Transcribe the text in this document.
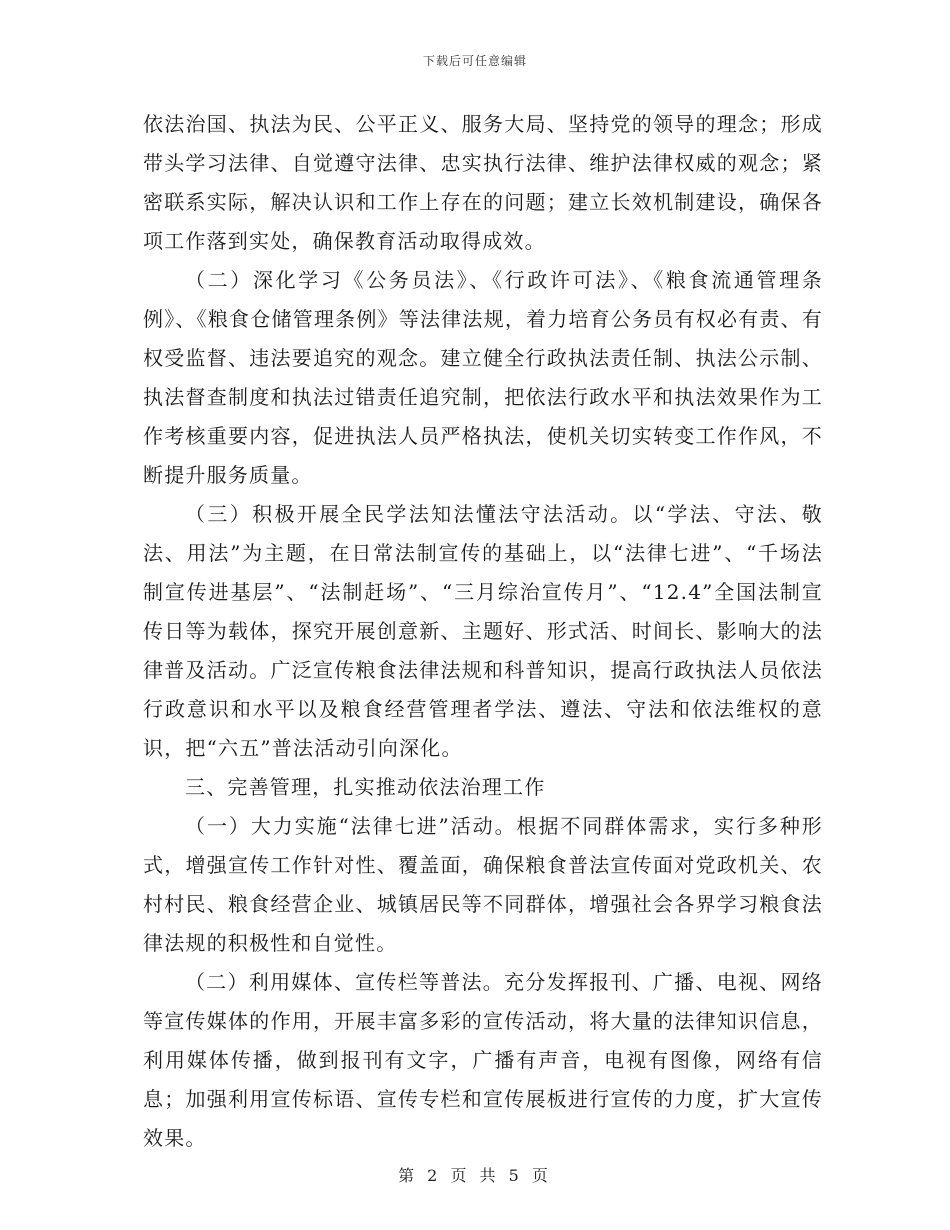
下载后可任意编辑

依法治国、执法为民、公平正义、服务大局、坚持党的领导的理念；形成带头学习法律、自觉遵守法律、忠实执行法律、维护法律权威的观念；紧密联系实际，解决认识和工作上存在的问题；建立长效机制建设，确保各项工作落到实处，确保教育活动取得成效。

（二）深化学习《公务员法》、《行政许可法》、《粮食流通管理条例》、《粮食仓储管理条例》等法律法规，着力培育公务员有权必有责、有权受监督、违法要追究的观念。建立健全行政执法责任制、执法公示制、执法督查制度和执法过错责任追究制，把依法行政水平和执法效果作为工作考核重要内容，促进执法人员严格执法，使机关切实转变工作作风，不断提升服务质量。

（三）积极开展全民学法知法懂法守法活动。以“学法、守法、敬法、用法”为主题，在日常法制宣传的基础上，以“法律七进”、“千场法制宣传进基层”、“法制赶场”、“三月综治宣传月”、“12.4”全国法制宣传日等为载体，探究开展创意新、主题好、形式活、时间长、影响大的法律普及活动。广泛宣传粮食法律法规和科普知识，提高行政执法人员依法行政意识和水平以及粮食经营管理者学法、遵法、守法和依法维权的意识，把“六五”普法活动引向深化。

三、完善管理，扎实推动依法治理工作

（一）大力实施“法律七进”活动。根据不同群体需求，实行多种形式，增强宣传工作针对性、覆盖面，确保粮食普法宣传面对党政机关、农村村民、粮食经营企业、城镇居民等不同群体，增强社会各界学习粮食法律法规的积极性和自觉性。

（二）利用媒体、宣传栏等普法。充分发挥报刊、广播、电视、网络等宣传媒体的作用，开展丰富多彩的宣传活动，将大量的法律知识信息，利用媒体传播，做到报刊有文字，广播有声音，电视有图像，网络有信息；加强利用宣传标语、宣传专栏和宣传展板进行宣传的力度，扩大宣传效果。

第 2 页 共 5 页
